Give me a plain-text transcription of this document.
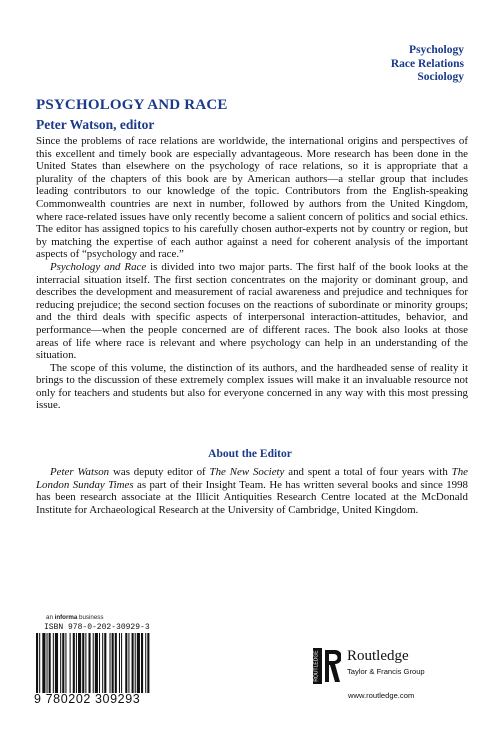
Psychology
Race Relations
Sociology
PSYCHOLOGY AND RACE
Peter Watson, editor

Since the problems of race relations are worldwide, the international origins and perspectives of this excellent and timely book are especially advantageous. More research has been done in the United States than elsewhere on the psychology of race relations, so it is appropriate that a plurality of the chapters of this book are by American authors—a stellar group that includes leading contributors to our knowledge of the topic. Contributors from the English-speaking Commonwealth countries are next in number, followed by authors from the United Kingdom, where race-related issues have only recently become a salient concern of politics and social ethics. The editor has assigned topics to his carefully chosen author-experts not by country or region, but by matching the expertise of each author against a need for coherent analysis of the important aspects of “psychology and race.”

Psychology and Race is divided into two major parts. The first half of the book looks at the interracial situation itself. The first section concentrates on the majority or dominant group, and describes the development and measurement of racial awareness and prejudice and techniques for reducing prejudice; the second section focuses on the reactions of subordinate or minority groups; and the third deals with specific aspects of interpersonal interaction-attitudes, behavior, and performance—when the people concerned are of different races. The book also looks at those areas of life where race is relevant and where psychology can help in an understanding of the situation.

The scope of this volume, the distinction of its authors, and the hardheaded sense of reality it brings to the discussion of these extremely complex issues will make it an invaluable resource not only for teachers and students but also for everyone concerned in any way with this most pressing issue.

About the Editor

Peter Watson was deputy editor of The New Society and spent a total of four years with The London Sunday Times as part of their Insight Team. He has written several books and since 1998 has been research associate at the Illicit Antiquities Research Centre located at the McDonald Institute for Archaeological Research at the University of Cambridge, United Kingdom.

an informa business
ISBN 978-0-202-30929-3
9 780202 309293
ROUTLEDGE Routledge
Taylor & Francis Group
www.routledge.com
